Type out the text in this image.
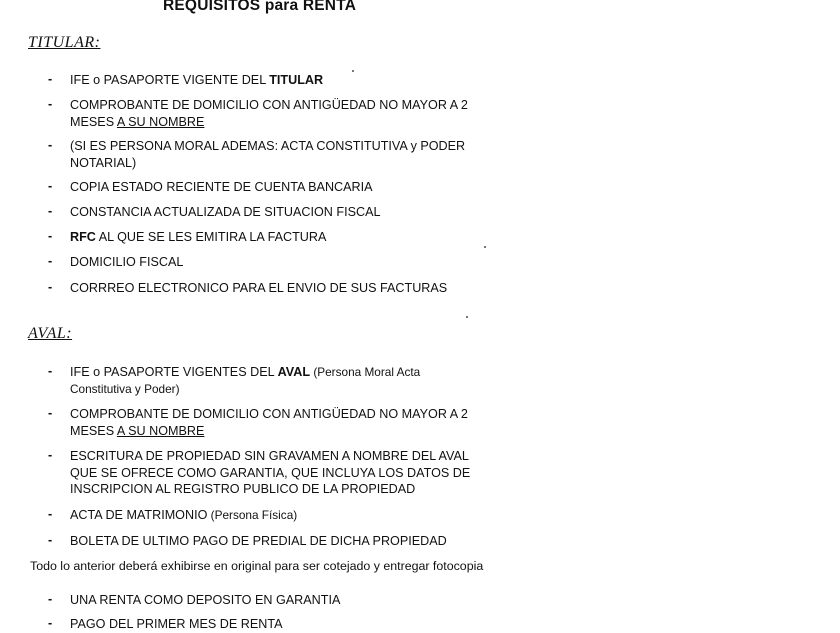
REQUISITOS para RENTA
TITULAR:
- IFE o PASAPORTE VIGENTE DEL TITULAR
- COMPROBANTE DE DOMICILIO CON ANTIGÜEDAD NO MAYOR A 2
MESES A SU NOMBRE
- (SI ES PERSONA MORAL ADEMAS: ACTA CONSTITUTIVA y PODER
NOTARIAL)
- COPIA ESTADO RECIENTE DE CUENTA BANCARIA
- CONSTANCIA ACTUALIZADA DE SITUACION FISCAL
- RFC AL QUE SE LES EMITIRA LA FACTURA
- DOMICILIO FISCAL
- CORRREO ELECTRONICO PARA EL ENVIO DE SUS FACTURAS
AVAL:
- IFE o PASAPORTE VIGENTES DEL AVAL (Persona Moral Acta
Constitutiva y Poder)
- COMPROBANTE DE DOMICILIO CON ANTIGÜEDAD NO MAYOR A 2
MESES A SU NOMBRE
- ESCRITURA DE PROPIEDAD SIN GRAVAMEN A NOMBRE DEL AVAL
QUE SE OFRECE COMO GARANTIA, QUE INCLUYA LOS DATOS DE
INSCRIPCION AL REGISTRO PUBLICO DE LA PROPIEDAD
- ACTA DE MATRIMONIO (Persona Física)
- BOLETA DE ULTIMO PAGO DE PREDIAL DE DICHA PROPIEDAD
Todo lo anterior deberá exhibirse en original para ser cotejado y entregar fotocopia
- UNA RENTA COMO DEPOSITO EN GARANTIA
- PAGO DEL PRIMER MES DE RENTA
